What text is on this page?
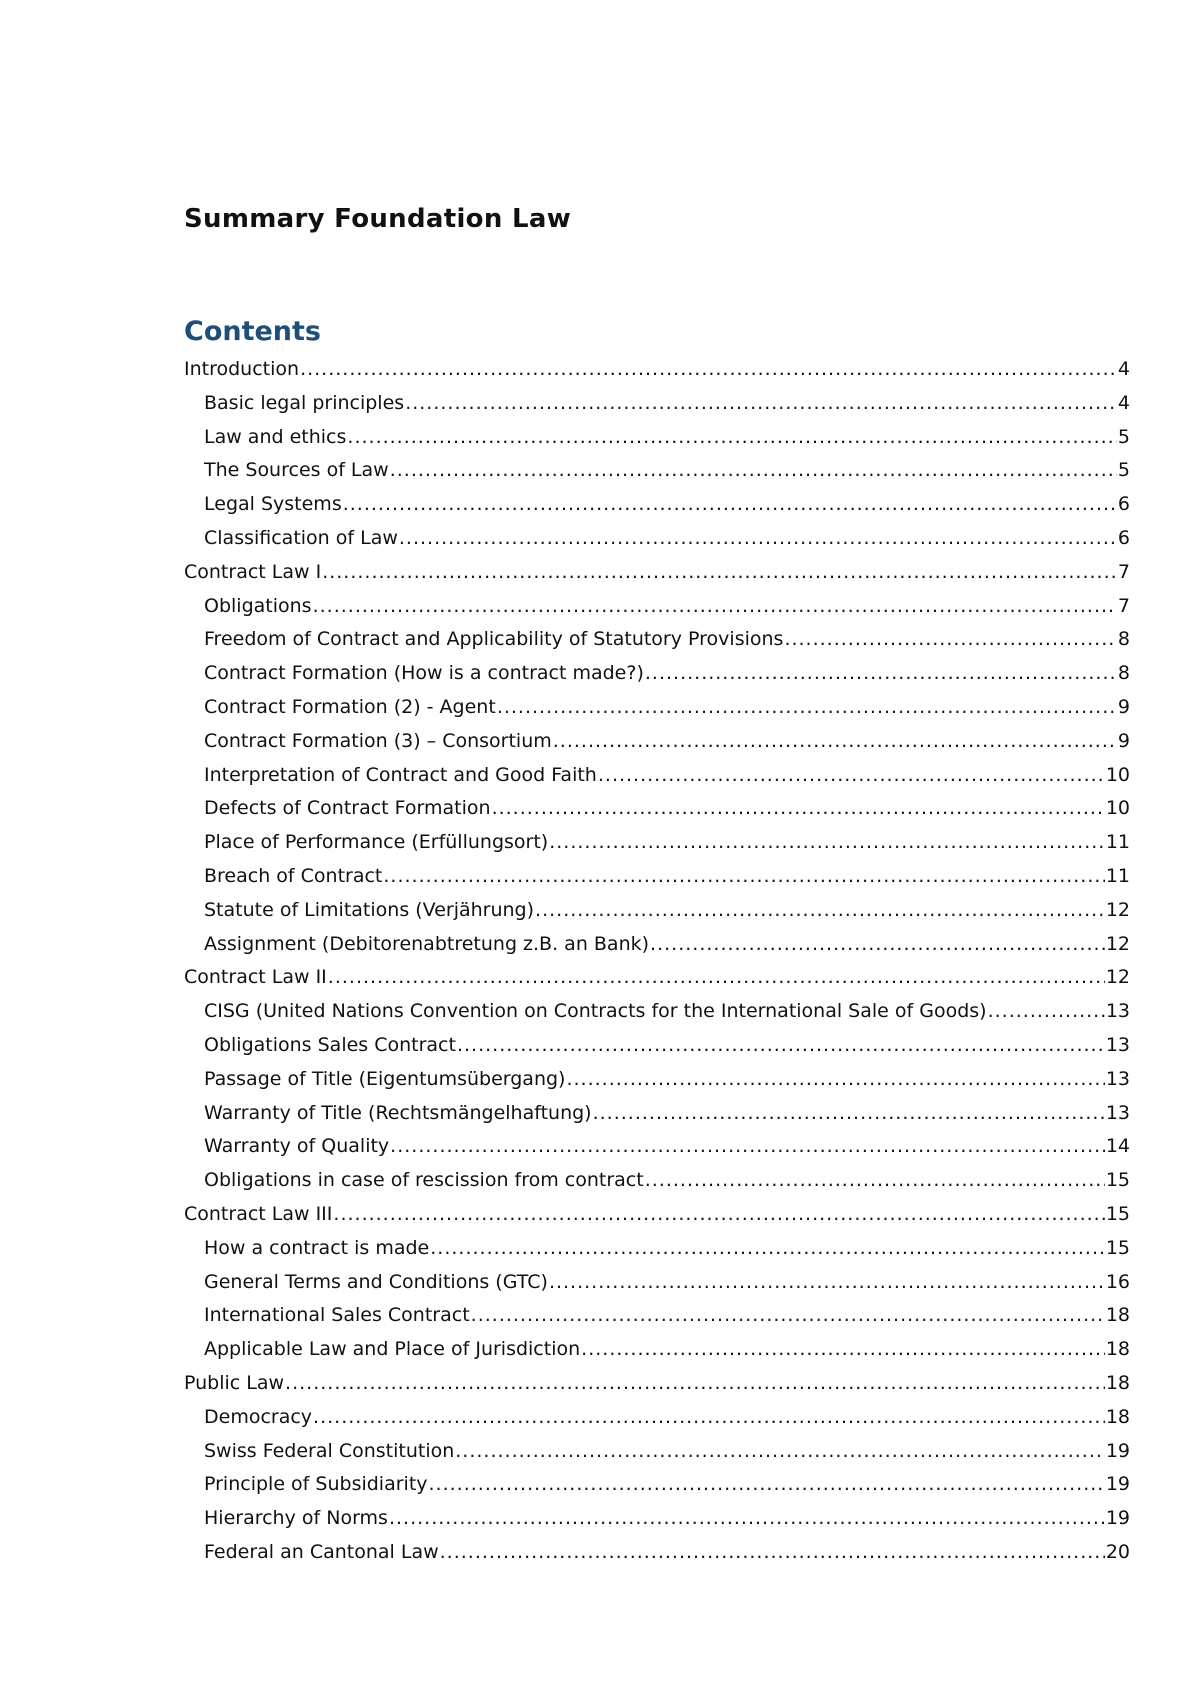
Summary Foundation Law
Contents
Introduction .....	4
Basic legal principles .....	4
Law and ethics .....	5
The Sources of Law .....	5
Legal Systems .....	6
Classification of Law .....	6
Contract Law I .....	7
Obligations .....	7
Freedom of Contract and Applicability of Statutory Provisions .....	8
Contract Formation (How is a contract made?) .....	8
Contract Formation (2) - Agent .....	9
Contract Formation (3) – Consortium .....	9
Interpretation of Contract and Good Faith .....	10
Defects of Contract Formation .....	10
Place of Performance (Erfüllungsort) .....	11
Breach of Contract .....	11
Statute of Limitations (Verjährung) .....	12
Assignment (Debitorenabtretung z.B. an Bank) .....	12
Contract Law II .....	12
CISG (United Nations Convention on Contracts for the International Sale of Goods) .....	13
Obligations Sales Contract .....	13
Passage of Title (Eigentumsübergang) .....	13
Warranty of Title (Rechtsmängelhaftung) .....	13
Warranty of Quality .....	14
Obligations in case of rescission from contract .....	15
Contract Law III .....	15
How a contract is made .....	15
General Terms and Conditions (GTC) .....	16
International Sales Contract .....	18
Applicable Law and Place of Jurisdiction .....	18
Public Law .....	18
Democracy .....	18
Swiss Federal Constitution .....	19
Principle of Subsidiarity .....	19
Hierarchy of Norms .....	19
Federal an Cantonal Law .....	20
